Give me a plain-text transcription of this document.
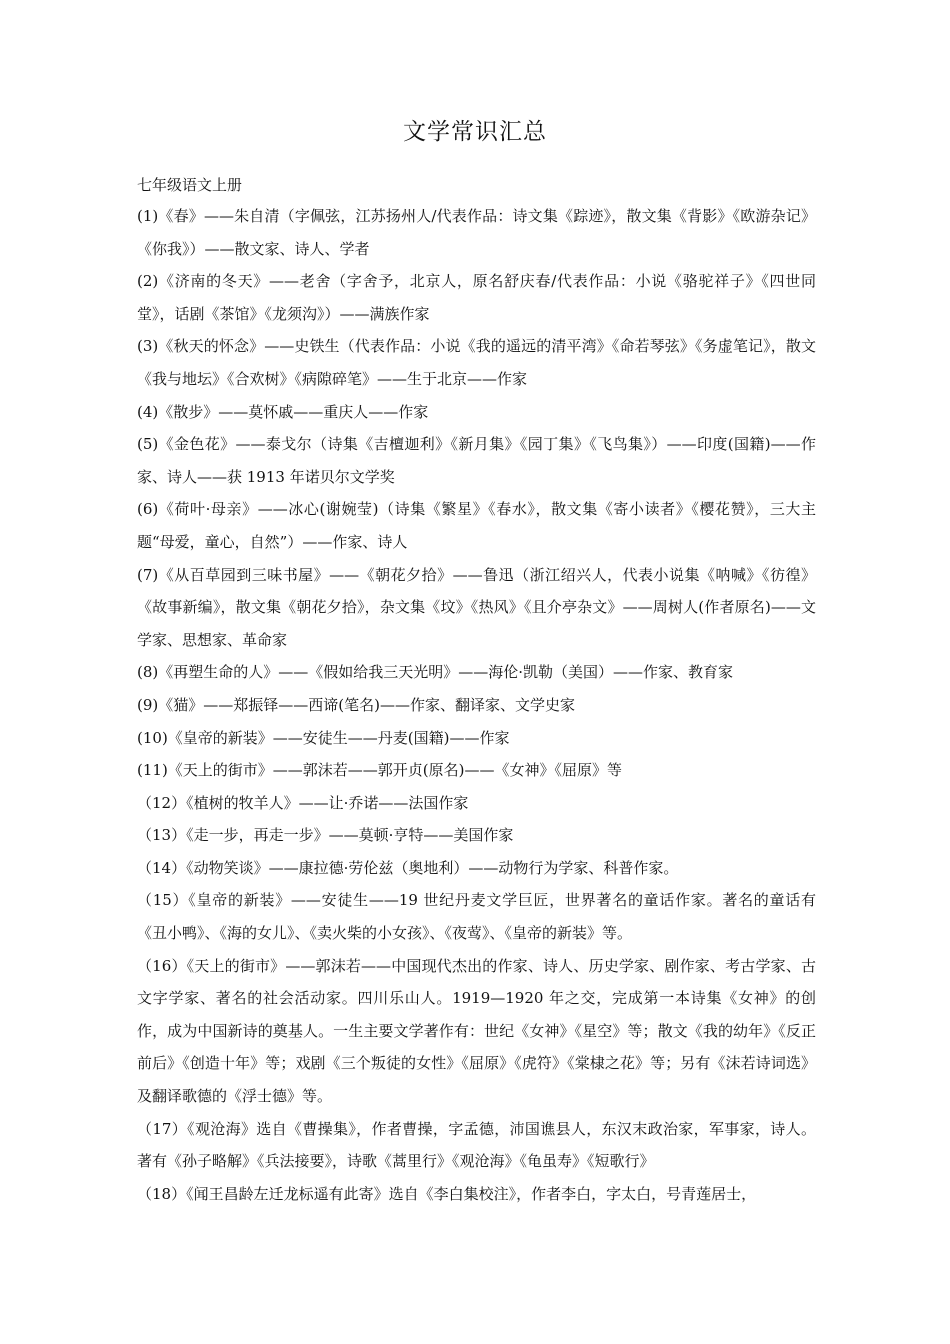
文学常识汇总
七年级语文上册

(1)《春》——朱自清（字佩弦，江苏扬州人/代表作品：诗文集《踪迹》，散文集《背影》《欧游杂记》《你我》）——散文家、诗人、学者

(2)《济南的冬天》——老舍（字舍予，北京人，原名舒庆春/代表作品：小说《骆驼祥子》《四世同堂》，话剧《茶馆》《龙须沟》）——满族作家

(3)《秋天的怀念》——史铁生（代表作品：小说《我的遥远的清平湾》《命若琴弦》《务虚笔记》，散文《我与地坛》《合欢树》《病隙碎笔》——生于北京——作家

(4)《散步》——莫怀戚——重庆人——作家

(5)《金色花》——泰戈尔（诗集《吉檀迦利》《新月集》《园丁集》《飞鸟集》）——印度(国籍)——作家、诗人——获 1913 年诺贝尔文学奖

(6)《荷叶·母亲》——冰心(谢婉莹)（诗集《繁星》《春水》，散文集《寄小读者》《樱花赞》，三大主题“母爱，童心，自然”）——作家、诗人

(7)《从百草园到三味书屋》——《朝花夕拾》——鲁迅（浙江绍兴人，代表小说集《呐喊》《彷徨》《故事新编》，散文集《朝花夕拾》，杂文集《坟》《热风》《且介亭杂文》——周树人(作者原名)——文学家、思想家、革命家

(8)《再塑生命的人》——《假如给我三天光明》——海伦·凯勒（美国）——作家、教育家

(9)《猫》——郑振铎——西谛(笔名)——作家、翻译家、文学史家

(10)《皇帝的新装》——安徒生——丹麦(国籍)——作家

(11)《天上的街市》——郭沫若——郭开贞(原名)——《女神》《屈原》等

（12）《植树的牧羊人》——让·乔诺——法国作家

（13）《走一步，再走一步》——莫顿·亨特——美国作家

（14）《动物笑谈》——康拉德·劳伦兹（奥地利）——动物行为学家、科普作家。

（15）《皇帝的新装》——安徒生——19 世纪丹麦文学巨匠，世界著名的童话作家。著名的童话有《丑小鸭》、《海的女儿》、《卖火柴的小女孩》、《夜莺》、《皇帝的新装》等。

（16）《天上的街市》——郭沫若——中国现代杰出的作家、诗人、历史学家、剧作家、考古学家、古文字学家、著名的社会活动家。四川乐山人。1919—1920 年之交，完成第一本诗集《女神》的创作，成为中国新诗的奠基人。一生主要文学著作有：世纪《女神》《星空》等；散文《我的幼年》《反正前后》《创造十年》等；戏剧《三个叛徒的女性》《屈原》《虎符》《棠棣之花》等；另有《沫若诗词选》及翻译歌德的《浮士德》等。

（17）《观沧海》选自《曹操集》，作者曹操，字孟德，沛国谯县人，东汉末政治家，军事家，诗人。著有《孙子略解》《兵法接要》，诗歌《蒿里行》《观沧海》《龟虽寿》《短歌行》

（18）《闻王昌龄左迁龙标遥有此寄》选自《李白集校注》，作者李白，字太白，号青莲居士，
